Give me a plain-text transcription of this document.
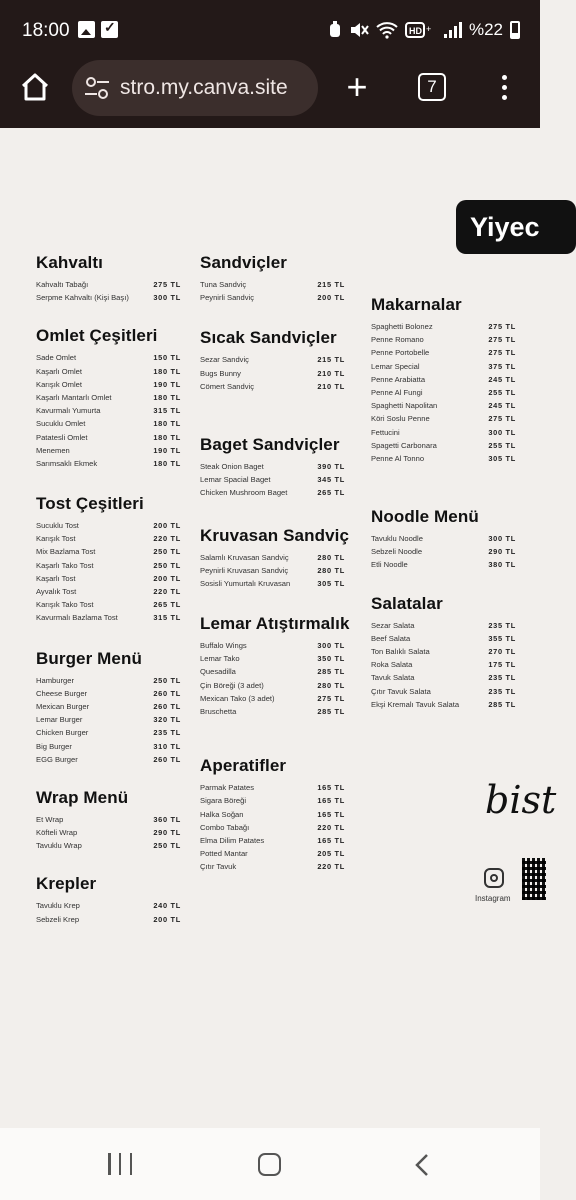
18:00
✓	HD + %22
stro.my.canva.site +	7
Yiyec
Kahvaltı
Kahvaltı Tabağı	275 TL
Serpme Kahvaltı (Kişi Başı)	300 TL
Omlet Çeşitleri
Sade Omlet	150 TL
Kaşarlı Omlet	180 TL
Karışık Omlet	190 TL
Kaşarlı Mantarlı Omlet	180 TL
Kavurmalı Yumurta	315 TL
Sucuklu Omlet	180 TL
Patatesli Omlet	180 TL
Menemen	190 TL
Sarımsaklı Ekmek	180 TL
Tost Çeşitleri
Sucuklu Tost	200 TL
Karışık Tost	220 TL
Mix Bazlama Tost	250 TL
Kaşarlı Tako Tost	250 TL
Kaşarlı Tost	200 TL
Ayvalık Tost	220 TL
Karışık Tako Tost	265 TL
Kavurmalı Bazlama Tost	315 TL
Burger Menü
Hamburger	250 TL
Cheese Burger	260 TL
Mexican Burger	260 TL
Lemar Burger	320 TL
Chicken Burger	235 TL
Big Burger	310 TL
EGG Burger	260 TL
Wrap Menü
Et Wrap	360 TL
Köfteli Wrap	290 TL
Tavuklu Wrap	250 TL
Krepler
Tavuklu Krep	240 TL
Sebzeli Krep	200 TL
Sandviçler
Tuna Sandviç	215 TL
Peynirli Sandviç	200 TL
Sıcak Sandviçler
Sezar Sandviç	215 TL
Bugs Bunny	210 TL
Cömert Sandviç	210 TL
Baget Sandviçler
Steak Onion Baget	390 TL
Lemar Spacial Baget	345 TL
Chicken Mushroom Baget	265 TL
Kruvasan Sandviç
Salamlı Kruvasan Sandviç	280 TL
Peynirli Kruvasan Sandviç	280 TL
Sosisli Yumurtalı Kruvasan	305 TL
Lemar Atıştırmalık
Buffalo Wings	300 TL
Lemar Tako	350 TL
Quesadilla	285 TL
Çin Böreği (3 adet)	280 TL
Mexican Tako (3 adet)	275 TL
Bruschetta	285 TL
Aperatifler
Parmak Patates	165 TL
Sigara Böreği	165 TL
Halka Soğan	165 TL
Combo Tabağı	220 TL
Elma Dilim Patates	165 TL
Potted Mantar	205 TL
Çıtır Tavuk	220 TL
Makarnalar
Spaghetti Bolonez	275 TL
Penne Romano	275 TL
Penne Portobelle	275 TL
Lemar Special	375 TL
Penne Arabiatta	245 TL
Penne Al Fungi	255 TL
Spaghetti Napolitan	245 TL
Köri Soslu Penne	275 TL
Fettucini	300 TL
Spagetti Carbonara	255 TL
Penne Al Tonno	305 TL
Noodle Menü
Tavuklu Noodle	300 TL
Sebzeli Noodle	290 TL
Etli Noodle	380 TL
Salatalar
Sezar Salata	235 TL
Beef Salata	355 TL
Ton Balıklı Salata	270 TL
Roka Salata	175 TL
Tavuk Salata	235 TL
Çıtır Tavuk Salata	235 TL
Ekşi Kremalı Tavuk Salata	285 TL
bist
Instagram
